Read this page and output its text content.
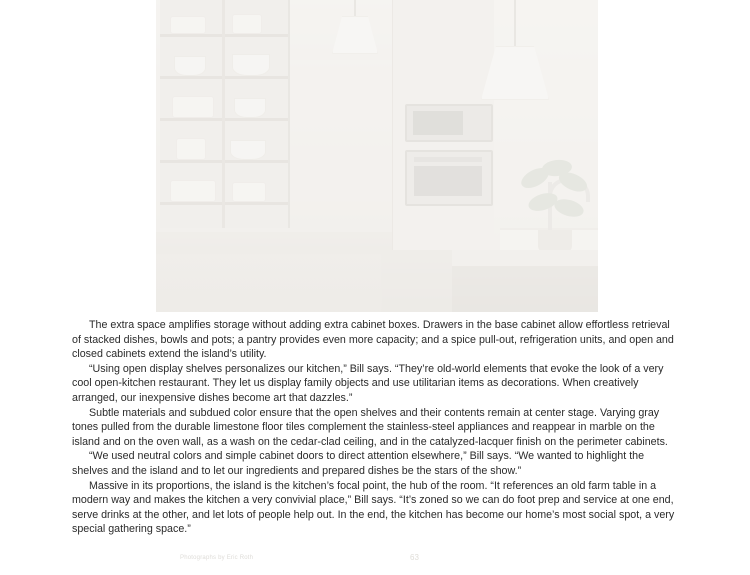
The extra space amplifies storage without adding extra cabinet boxes. Drawers in the base cabinet allow effortless retrieval of stacked dishes, bowls and pots; a pantry provides even more capacity; and a spice pull-out, refrigeration units, and open and closed cabinets extend the island’s utility.

“Using open display shelves personalizes our kitchen,” Bill says. “They’re old-world elements that evoke the look of a very cool open-kitchen restaurant. They let us display family objects and use utilitarian items as decorations. When creatively arranged, our inexpensive dishes become art that dazzles.”

Subtle materials and subdued color ensure that the open shelves and their contents remain at center stage. Varying gray tones pulled from the durable limestone floor tiles complement the stainless-steel appliances and reappear in marble on the island and on the oven wall, as a wash on the cedar-clad ceiling, and in the catalyzed-lacquer finish on the perimeter cabinets.

“We used neutral colors and simple cabinet doors to direct attention elsewhere,” Bill says. “We wanted to highlight the shelves and the island and to let our ingredients and prepared dishes be the stars of the show.”

Massive in its proportions, the island is the kitchen’s focal point, the hub of the room. “It references an old farm table in a modern way and makes the kitchen a very convivial place,” Bill says. “It’s zoned so we can do foot prep and service at one end, serve drinks at the other, and let lots of people help out. In the end, the kitchen has become our home’s most social spot, a very special gathering space.”

Photographs by Eric Roth	63
